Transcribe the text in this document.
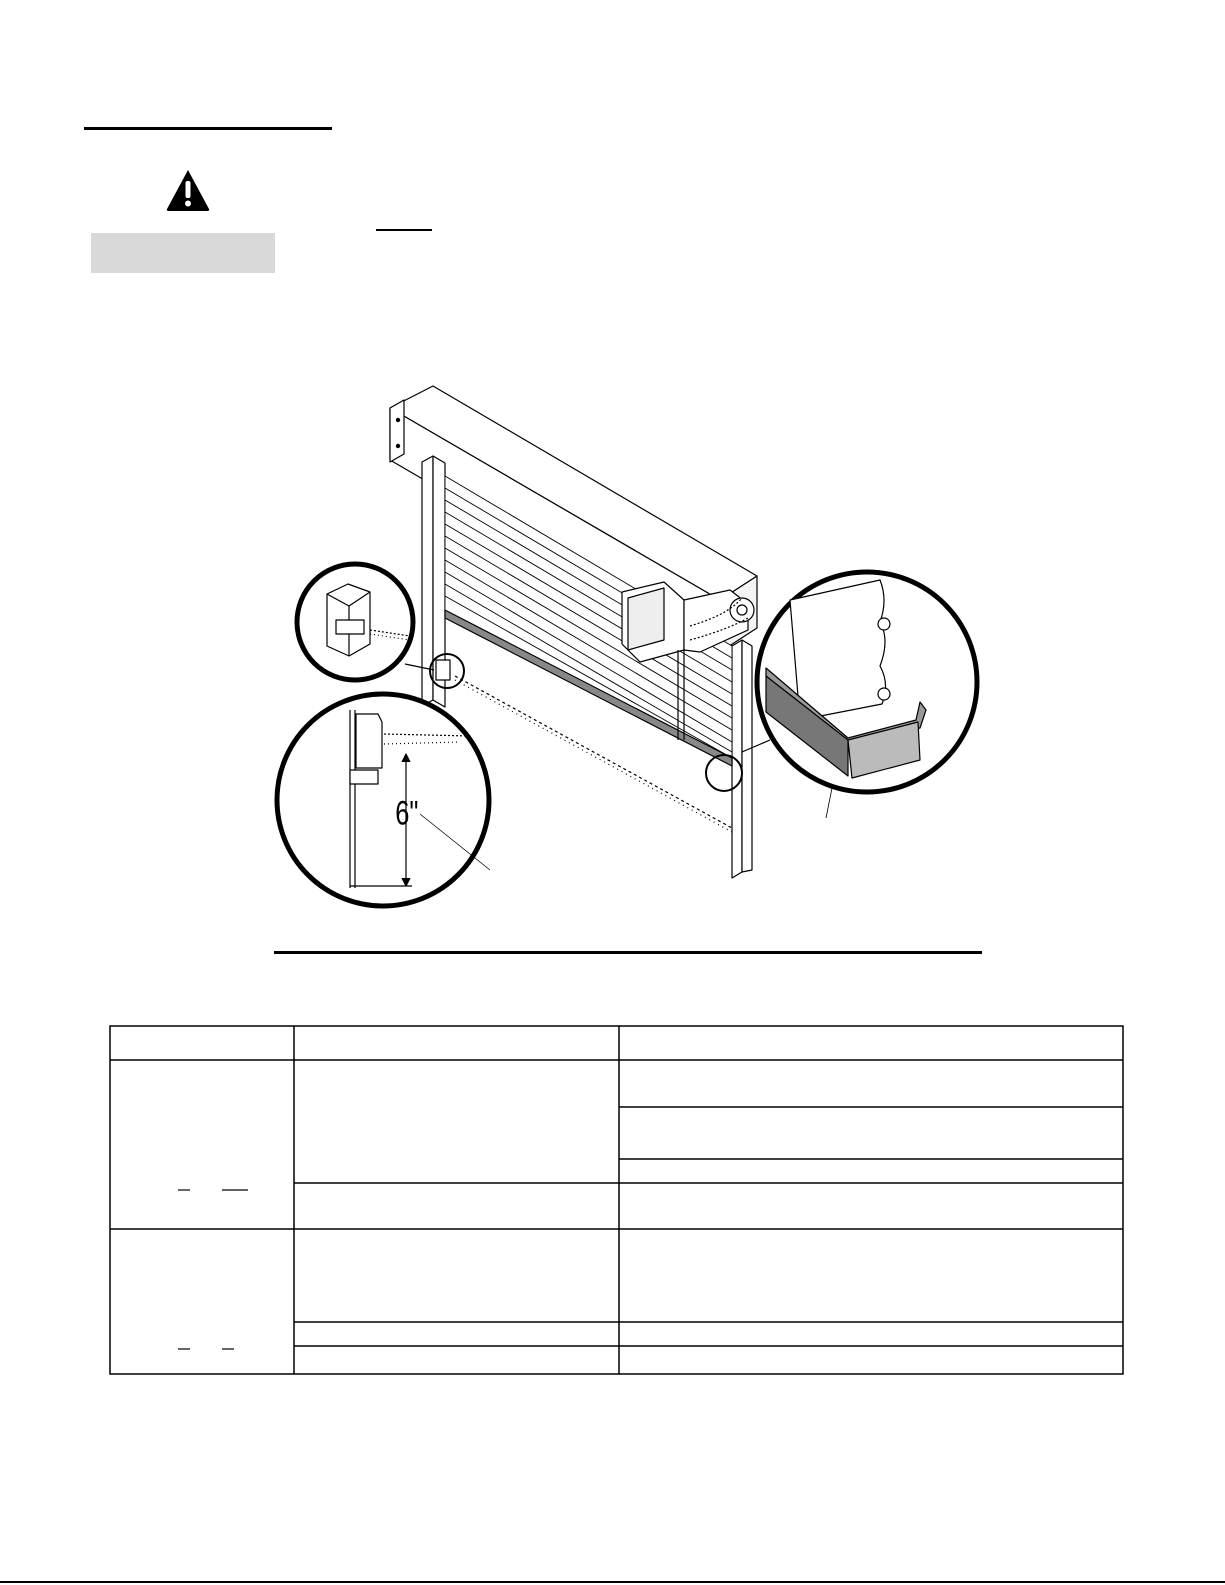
6"
